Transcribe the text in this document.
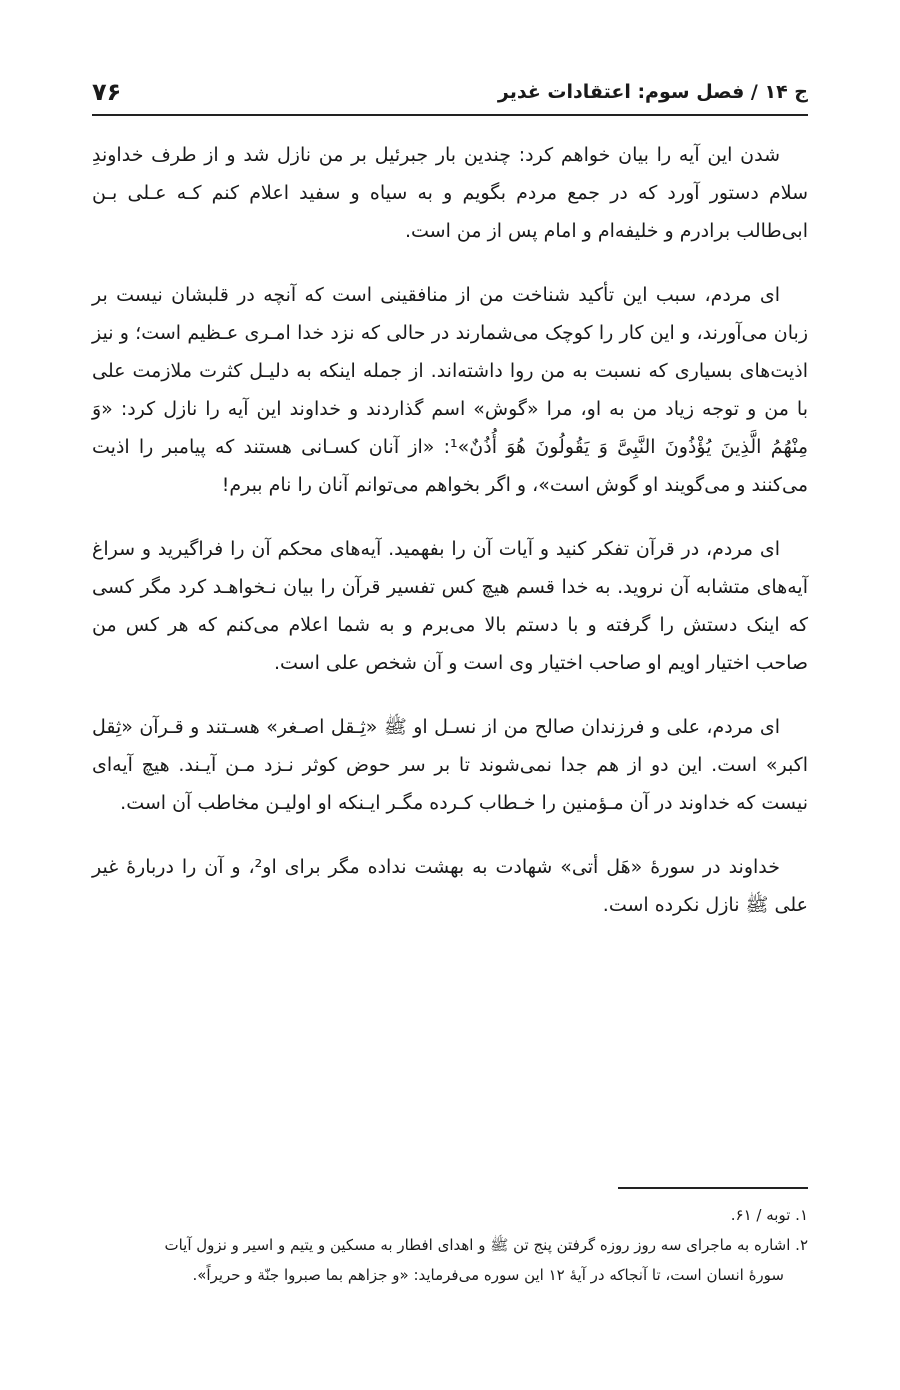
ج ۱۴ / فصل سوم: اعتقادات غدیر
۷۶

شدن این آیه را بیان خواهم کرد: چندین بار جبرئیل بر من نازل شد و از طرف خداوندِ سلام دستور آورد که در جمع مردم بگویم و به سیاه و سفید اعلام کنم کـه عـلی بـن ابی‌طالب برادرم و خلیفه‌ام و امام پس از من است.

ای مردم، سبب این تأکید شناخت من از منافقینی است که آنچه در قلبشان نیست بر زبان می‌آورند، و این کار را کوچک می‌شمارند در حالی که نزد خدا امـری عـظیم است؛ و نیز اذیت‌های بسیاری که نسبت به من روا داشته‌اند. از جمله اینکه به دلیـل کثرت ملازمت علی با من و توجه زیاد من به او، مرا «گوش» اسم گذاردند و خداوند این آیه را نازل کرد: «وَ مِنْهُمُ الَّذِینَ یُؤْذُونَ النَّبِیَّ وَ یَقُولُونَ هُوَ أُذُنٌ»¹: «از آنان کسـانی هستند که پیامبر را اذیت می‌کنند و می‌گویند او گوش است»، و اگر بخواهم می‌توانم آنان را نام ببرم!

ای مردم، در قرآن تفکر کنید و آیات آن را بفهمید. آیه‌های محکم آن را فراگیرید و سراغ آیه‌های متشابه آن نروید. به خدا قسم هیچ کس تفسیر قرآن را بیان نـخواهـد کرد مگر کسی که اینک دستش را گرفته و با دستم بالا می‌برم و به شما اعلام می‌کنم که هر کس من صاحب اختیار اویم او صاحب اختیار وی است و آن شخص علی است.

ای مردم، علی و فرزندان صالح من از نسـل او ﷺ «ثِـقل اصـغر» هسـتند و قـرآن «ثِقل اکبر» است. این دو از هم جدا نمی‌شوند تا بر سر حوض کوثر نـزد مـن آیـند. هیچ آیه‌ای نیست که خداوند در آن مـؤمنین را خـطاب کـرده مگـر ایـنکه او اولیـن مخاطب آن است.

خداوند در سورهٔ «هَل أتی» شهادت به بهشت نداده مگر برای او²، و آن را دربارهٔ غیر علی ﷺ نازل نکرده است.

۱. توبه / ۶۱.

۲. اشاره به ماجرای سه روز روزه گرفتن پنج تن ﷺ و اهدای افطار به مسکین و یتیم و اسیر و نزول آیات

سورهٔ انسان است، تا آنجاکه در آیهٔ ۱۲ این سوره می‌فرماید: «و جزاهم بما صبروا جنّة و حریراً».
